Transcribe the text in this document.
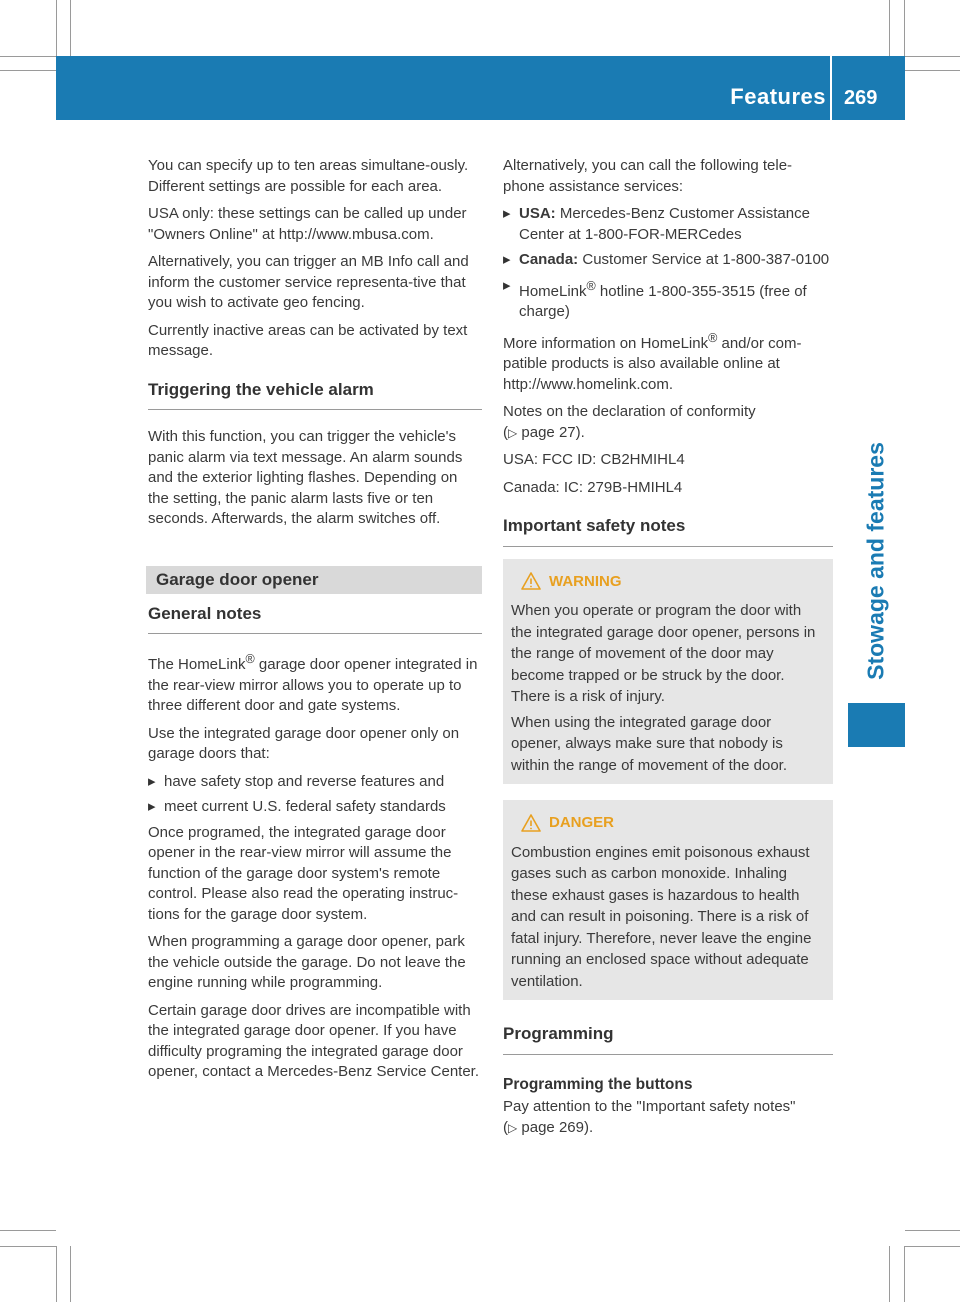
Features 269
Stowage and features

You can specify up to ten areas simultane-ously. Different settings are possible for each area.

USA only: these settings can be called up under "Owners Online" at http://www.mbusa.com.

Alternatively, you can trigger an MB Info call and inform the customer service representa-tive that you wish to activate geo fencing.

Currently inactive areas can be activated by text message.

Triggering the vehicle alarm

With this function, you can trigger the vehicle's panic alarm via text message. An alarm sounds and the exterior lighting flashes. Depending on the setting, the panic alarm lasts five or ten seconds. Afterwards, the alarm switches off.

Garage door opener
General notes

The HomeLink® garage door opener integrated in the rear-view mirror allows you to operate up to three different door and gate systems.

Use the integrated garage door opener only on garage doors that:

▸ have safety stop and reverse features and
▸ meet current U.S. federal safety standards

Once programed, the integrated garage door opener in the rear-view mirror will assume the function of the garage door system's remote control. Please also read the operating instruc-tions for the garage door system.

When programming a garage door opener, park the vehicle outside the garage. Do not leave the engine running while programming.

Certain garage door drives are incompatible with the integrated garage door opener. If you have difficulty programing the integrated garage door opener, contact a Mercedes-Benz Service Center.

Alternatively, you can call the following tele-phone assistance services:

▸ USA: Mercedes-Benz Customer Assistance Center at 1-800-FOR-MERCedes
▸ Canada: Customer Service at 1-800-387-0100
▸ HomeLink® hotline 1-800-355-3515 (free of charge)

More information on HomeLink® and/or com-patible products is also available online at http://www.homelink.com.

Notes on the declaration of conformity
(▷ page 27).

USA: FCC ID: CB2HMIHL4

Canada: IC: 279B-HMIHL4

Important safety notes
WARNING

When you operate or program the door with the integrated garage door opener, persons in the range of movement of the door may become trapped or be struck by the door. There is a risk of injury.

When using the integrated garage door opener, always make sure that nobody is within the range of movement of the door.

DANGER

Combustion engines emit poisonous exhaust gases such as carbon monoxide. Inhaling these exhaust gases is hazardous to health and can result in poisoning. There is a risk of fatal injury. Therefore, never leave the engine running an enclosed space without adequate ventilation.

Programming
Programming the buttons

Pay attention to the "Important safety notes"
(▷ page 269).
